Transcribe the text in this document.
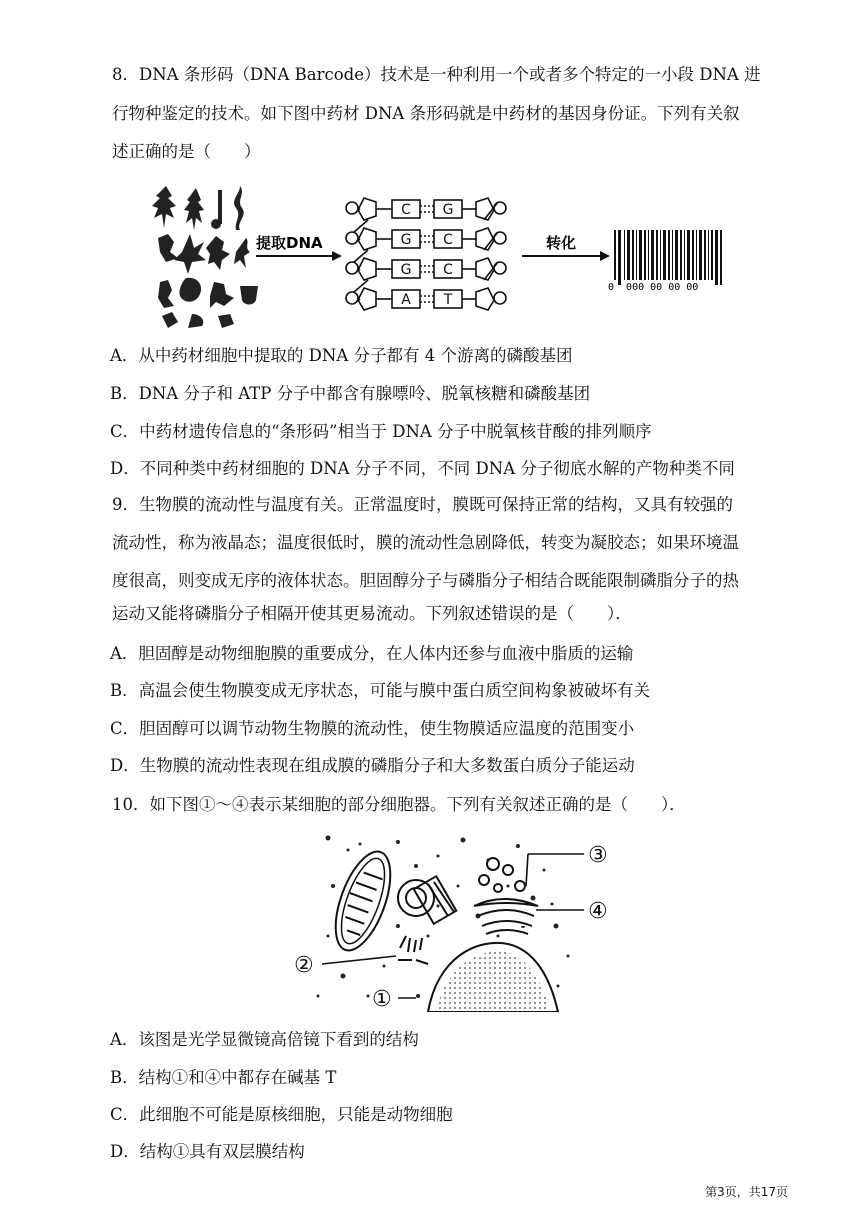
8．DNA 条形码（DNA Barcode）技术是一种利用一个或者多个特定的一小段 DNA 进
行物种鉴定的技术。如下图中药材 DNA 条形码就是中药材的基因身份证。下列有关叙
述正确的是（　　）
提取DNA
C G
G C
G C
A T
转化
0  000 00 00 00
A．从中药材细胞中提取的 DNA 分子都有 4 个游离的磷酸基团
B．DNA 分子和 ATP 分子中都含有腺嘌呤、脱氧核糖和磷酸基团
C．中药材遗传信息的“条形码”相当于 DNA 分子中脱氧核苷酸的排列顺序
D．不同种类中药材细胞的 DNA 分子不同，不同 DNA 分子彻底水解的产物种类不同
9．生物膜的流动性与温度有关。正常温度时，膜既可保持正常的结构，又具有较强的
流动性，称为液晶态；温度很低时，膜的流动性急剧降低，转变为凝胶态；如果环境温
度很高，则变成无序的液体状态。胆固醇分子与磷脂分子相结合既能限制磷脂分子的热
运动又能将磷脂分子相隔开使其更易流动。下列叙述错误的是（　　）．
A．胆固醇是动物细胞膜的重要成分，在人体内还参与血液中脂质的运输
B．高温会使生物膜变成无序状态，可能与膜中蛋白质空间构象被破坏有关
C．胆固醇可以调节动物生物膜的流动性，使生物膜适应温度的范围变小
D．生物膜的流动性表现在组成膜的磷脂分子和大多数蛋白质分子能运动
10．如下图①～④表示某细胞的部分细胞器。下列有关叙述正确的是（　　）．
①
②
③
④
A．该图是光学显微镜高倍镜下看到的结构
B．结构①和④中都存在碱基 T
C．此细胞不可能是原核细胞，只能是动物细胞
D．结构①具有双层膜结构
第3页，共17页
